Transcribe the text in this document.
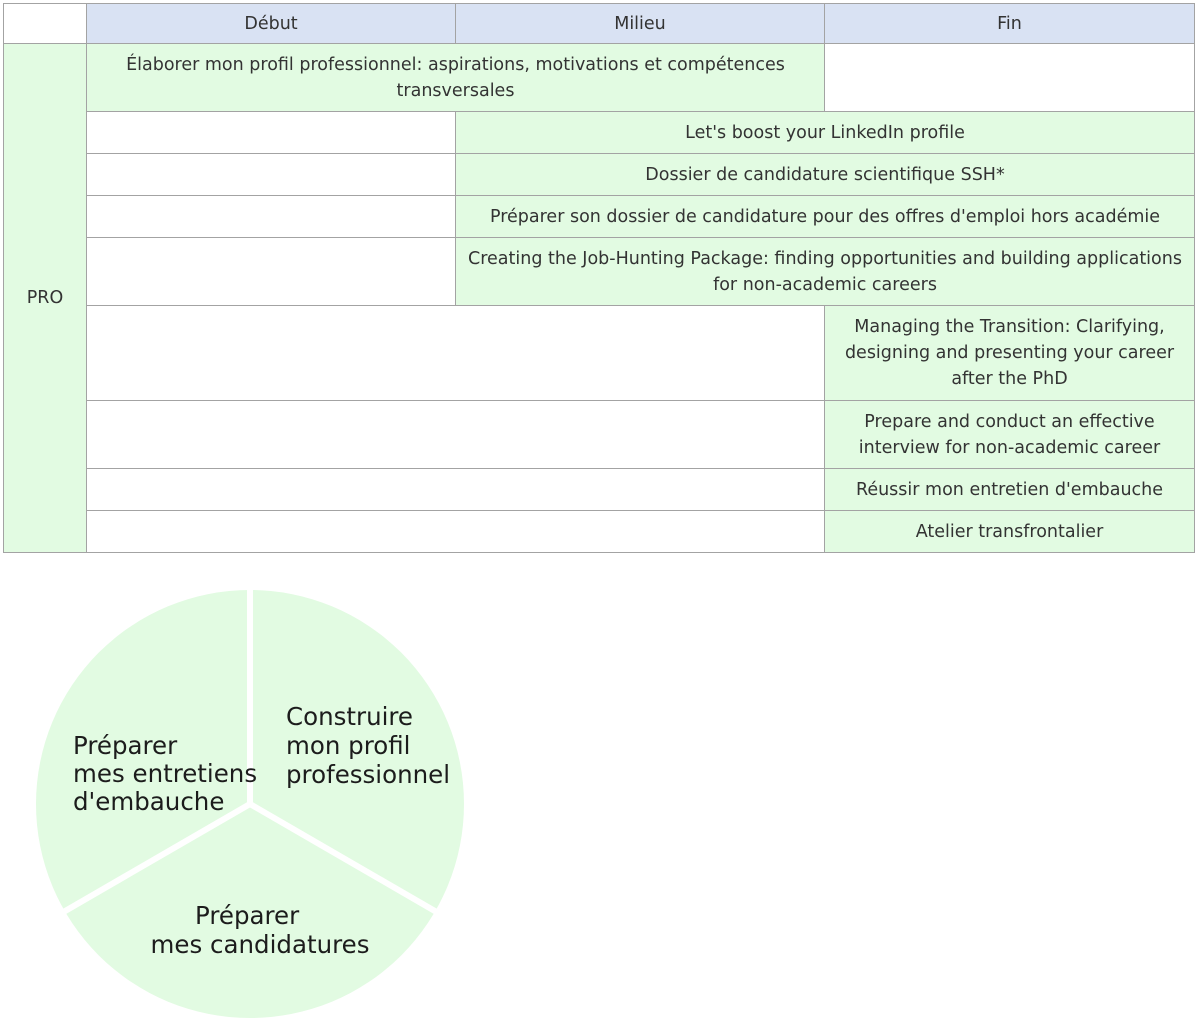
	Début	Milieu	Fin
PRO	Élaborer mon profil professionnel: aspirations, motivations et compétences transversales		
		Let's boost your LinkedIn profile	
		Dossier de candidature scientifique SSH*	
		Préparer son dossier de candidature pour des offres d'emploi hors académie	
		Creating the Job-Hunting Package: finding opportunities and building applications for non-academic careers	
			Managing the Transition: Clarifying, designing and presenting your career after the PhD
			Prepare and conduct an effective interview for non-academic career
			Réussir mon entretien d'embauche
			Atelier transfrontalier
Construire mon profil professionnel
Préparer mes candidatures
Préparer mes entretiens d'embauche
